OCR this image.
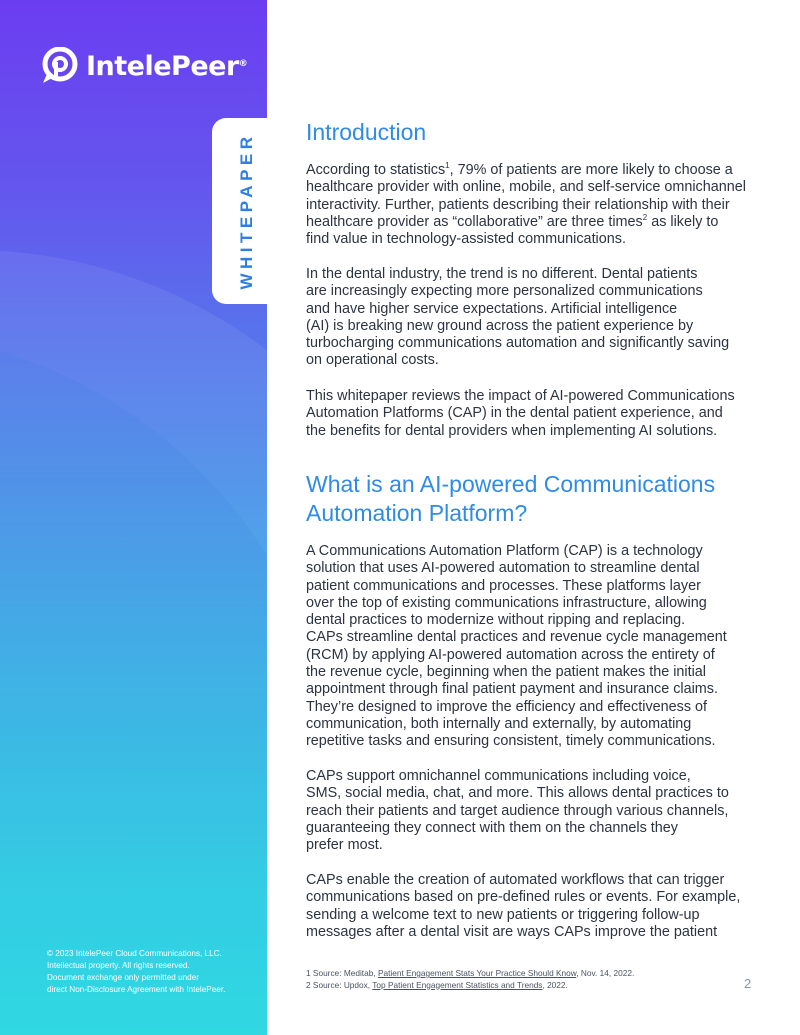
IntelePeer®
WHITEPAPER
© 2023 IntelePeer Cloud Communications, LLC.
Intellectual property. All rights reserved.
Document exchange only permitted under
direct Non-Disclosure Agreement with IntelePeer.
Introduction
According to statistics$^1$, 79% of patients are more likely to choose a
healthcare provider with online, mobile, and self-service omnichannel
interactivity. Further, patients describing their relationship with their
healthcare provider as “collaborative” are three times$^2$ as likely to
find value in technology-assisted communications.
In the dental industry, the trend is no different. Dental patients
are increasingly expecting more personalized communications
and have higher service expectations. Artificial intelligence
(AI) is breaking new ground across the patient experience by
turbocharging communications automation and significantly saving
on operational costs.
This whitepaper reviews the impact of AI-powered Communications
Automation Platforms (CAP) in the dental patient experience, and
the benefits for dental providers when implementing AI solutions.
What is an AI-powered Communications
Automation Platform?
A Communications Automation Platform (CAP) is a technology
solution that uses AI-powered automation to streamline dental
patient communications and processes. These platforms layer
over the top of existing communications infrastructure, allowing
dental practices to modernize without ripping and replacing.
CAPs streamline dental practices and revenue cycle management
(RCM) by applying AI-powered automation across the entirety of
the revenue cycle, beginning when the patient makes the initial
appointment through final patient payment and insurance claims.
They’re designed to improve the efficiency and effectiveness of
communication, both internally and externally, by automating
repetitive tasks and ensuring consistent, timely communications.
CAPs support omnichannel communications including voice,
SMS, social media, chat, and more. This allows dental practices to
reach their patients and target audience through various channels,
guaranteeing they connect with them on the channels they
prefer most.
CAPs enable the creation of automated workflows that can trigger
communications based on pre-defined rules or events. For example,
sending a welcome text to new patients or triggering follow-up
messages after a dental visit are ways CAPs improve the patient
1 Source: Meditab, Patient Engagement Stats Your Practice Should Know, Nov. 14, 2022.
2 Source: Updox, Top Patient Engagement Statistics and Trends, 2022.	2
